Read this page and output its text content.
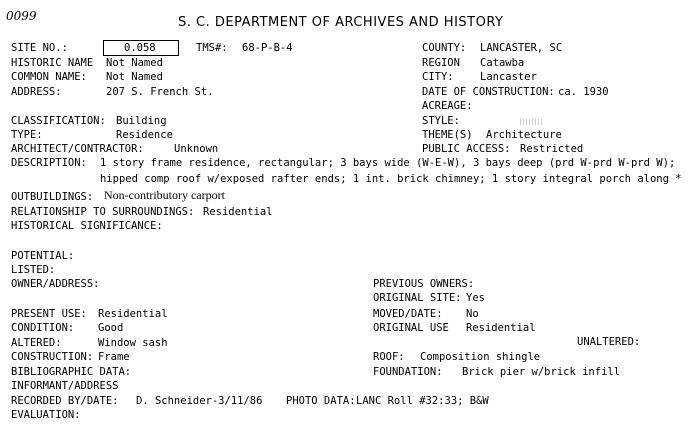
0099	S. C. DEPARTMENT OF ARCHIVES AND HISTORY
SITE NO.:	0.058	TMS#: 68-P-B-4	COUNTY: LANCASTER, SC
HISTORIC NAME Not Named	REGION Catawba
COMMON NAME: Not Named	CITY:	Lancaster
ADDRESS:	207 S. French St.	DATE OF CONSTRUCTION: ca. 1930
ACREAGE:
CLASSIFICATION: Building	STYLE:
TYPE:	Residence	THEME(S) Architecture
ARCHITECT/CONTRACTOR:	Unknown	PUBLIC ACCESS: Restricted
DESCRIPTION: 1 story frame residence, rectangular; 3 bays wide (W-E-W), 3 bays deep (prd W-prd W-prd W);
hipped comp roof w/exposed rafter ends; 1 int. brick chimney; 1 story integral porch along *
OUTBUILDINGS: Non-contributory carport
RELATIONSHIP TO SURROUNDINGS: Residential
HISTORICAL SIGNIFICANCE:
POTENTIAL:
LISTED:
OWNER/ADDRESS:	PREVIOUS OWNERS:
ORIGINAL SITE: Yes
PRESENT USE: Residential	MOVED/DATE: No
CONDITION: Good	ORIGINAL USE Residential
UNALTERED:
ALTERED:	Window sash
CONSTRUCTION: Frame	ROOF: Composition shingle
BIBLIOGRAPHIC DATA:	FOUNDATION: Brick pier w/brick infill
INFORMANT/ADDRESS
RECORDED BY/DATE: D. Schneider-3/11/86 PHOTO DATA: LANC Roll #32:33; B&W
EVALUATION:
